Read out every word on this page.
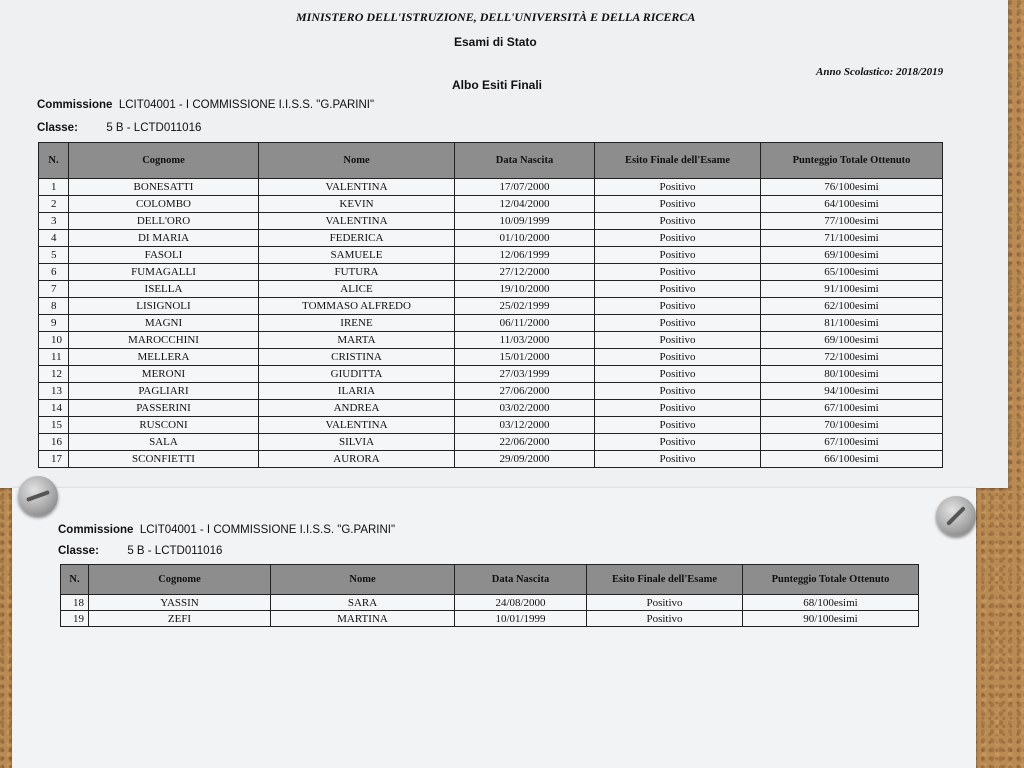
MINISTERO DELL'ISTRUZIONE, DELL'UNIVERSITÀ E DELLA RICERCA
Esami di Stato
Anno Scolastico: 2018/2019
Albo Esiti Finali
Commissione LCIT04001 - I COMMISSIONE I.I.S.S. "G.PARINI"
Classe: 5 B - LCTD011016
N.	Cognome	Nome	Data Nascita	Esito Finale dell'Esame	Punteggio Totale Ottenuto
1	BONESATTI	VALENTINA	17/07/2000	Positivo	76/100esimi
2	COLOMBO	KEVIN	12/04/2000	Positivo	64/100esimi
3	DELL'ORO	VALENTINA	10/09/1999	Positivo	77/100esimi
4	DI MARIA	FEDERICA	01/10/2000	Positivo	71/100esimi
5	FASOLI	SAMUELE	12/06/1999	Positivo	69/100esimi
6	FUMAGALLI	FUTURA	27/12/2000	Positivo	65/100esimi
7	ISELLA	ALICE	19/10/2000	Positivo	91/100esimi
8	LISIGNOLI	TOMMASO ALFREDO	25/02/1999	Positivo	62/100esimi
9	MAGNI	IRENE	06/11/2000	Positivo	81/100esimi
10	MAROCCHINI	MARTA	11/03/2000	Positivo	69/100esimi
11	MELLERA	CRISTINA	15/01/2000	Positivo	72/100esimi
12	MERONI	GIUDITTA	27/03/1999	Positivo	80/100esimi
13	PAGLIARI	ILARIA	27/06/2000	Positivo	94/100esimi
14	PASSERINI	ANDREA	03/02/2000	Positivo	67/100esimi
15	RUSCONI	VALENTINA	03/12/2000	Positivo	70/100esimi
16	SALA	SILVIA	22/06/2000	Positivo	67/100esimi
17	SCONFIETTI	AURORA	29/09/2000	Positivo	66/100esimi
Commissione LCIT04001 - I COMMISSIONE I.I.S.S. "G.PARINI"
Classe: 5 B - LCTD011016
N.	Cognome	Nome	Data Nascita	Esito Finale dell'Esame	Punteggio Totale Ottenuto
18	YASSIN	SARA	24/08/2000	Positivo	68/100esimi
19	ZEFI	MARTINA	10/01/1999	Positivo	90/100esimi
